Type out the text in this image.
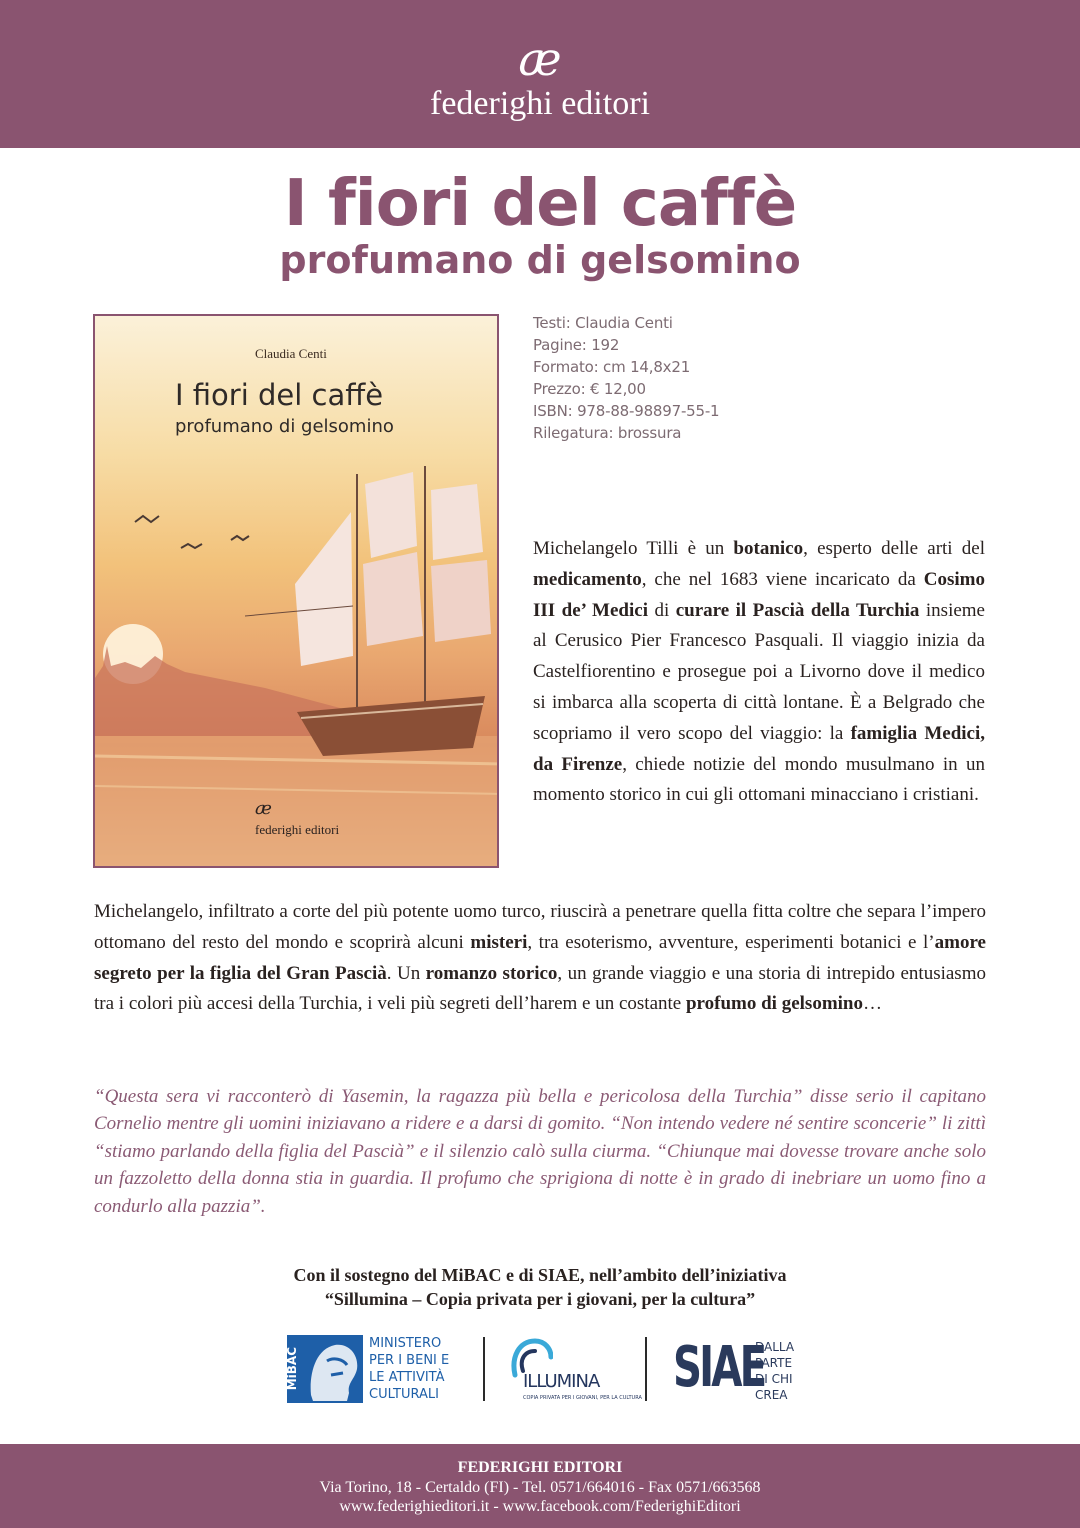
æ
federighi editori
I fiori del caffè
profumano di gelsomino
Claudia Centi
I fiori del caffè
profumano di gelsomino
æ
federighi editori
Testi: Claudia Centi
Pagine: 192
Formato: cm 14,8x21
Prezzo: € 12,00
ISBN: 978-88-98897-55-1
Rilegatura: brossura

Michelangelo Tilli è un botanico, esperto delle arti del medicamento, che nel 1683 viene incaricato da Cosimo III de’ Medici di curare il Pascià della Turchia insieme al Cerusico Pier Francesco Pasquali. Il viaggio inizia da Castelfiorentino e prosegue poi a Livorno dove il medico si imbarca alla scoperta di città lontane. È a Belgrado che scopriamo il vero scopo del viaggio: la famiglia Medici, da Firenze, chiede notizie del mondo musulmano in un momento storico in cui gli ottomani minacciano i cristiani.

Michelangelo, infiltrato a corte del più potente uomo turco, riuscirà a penetrare quella fitta coltre che separa l’impero ottomano del resto del mondo e scoprirà alcuni misteri, tra esoterismo, avventure, esperimenti botanici e l’amore segreto per la figlia del Gran Pascià. Un romanzo storico, un grande viaggio e una storia di intrepido entusiasmo tra i colori più accesi della Turchia, i veli più segreti dell’harem e un costante profumo di gelsomino…

“Questa sera vi racconterò di Yasemin, la ragazza più bella e pericolosa della Turchia” disse serio il capitano Cornelio mentre gli uomini iniziavano a ridere e a darsi di gomito. “Non intendo vedere né sentire sconcerie” li zittì “stiamo parlando della figlia del Pascià” e il silenzio calò sulla ciurma. “Chiunque mai dovesse trovare anche solo un fazzoletto della donna stia in guardia. Il profumo che sprigiona di notte è in grado di inebriare un uomo fino a condurlo alla pazzia”.

Con il sostegno del MiBAC e di SIAE, nell’ambito dell’iniziativa
“Sillumina – Copia privata per i giovani, per la cultura”
MiBAC
MINISTERO
PER I BENI E
LE ATTIVITÀ
CULTURALI
ILLUMINA
COPIA PRIVATA PER I GIOVANI, PER LA CULTURA SIAE
DALLA
PARTE
DI CHI
CREA
FEDERIGHI EDITORI
Via Torino, 18 - Certaldo (FI) - Tel. 0571/664016 - Fax 0571/663568
www.federighieditori.it - www.facebook.com/FederighiEditori
